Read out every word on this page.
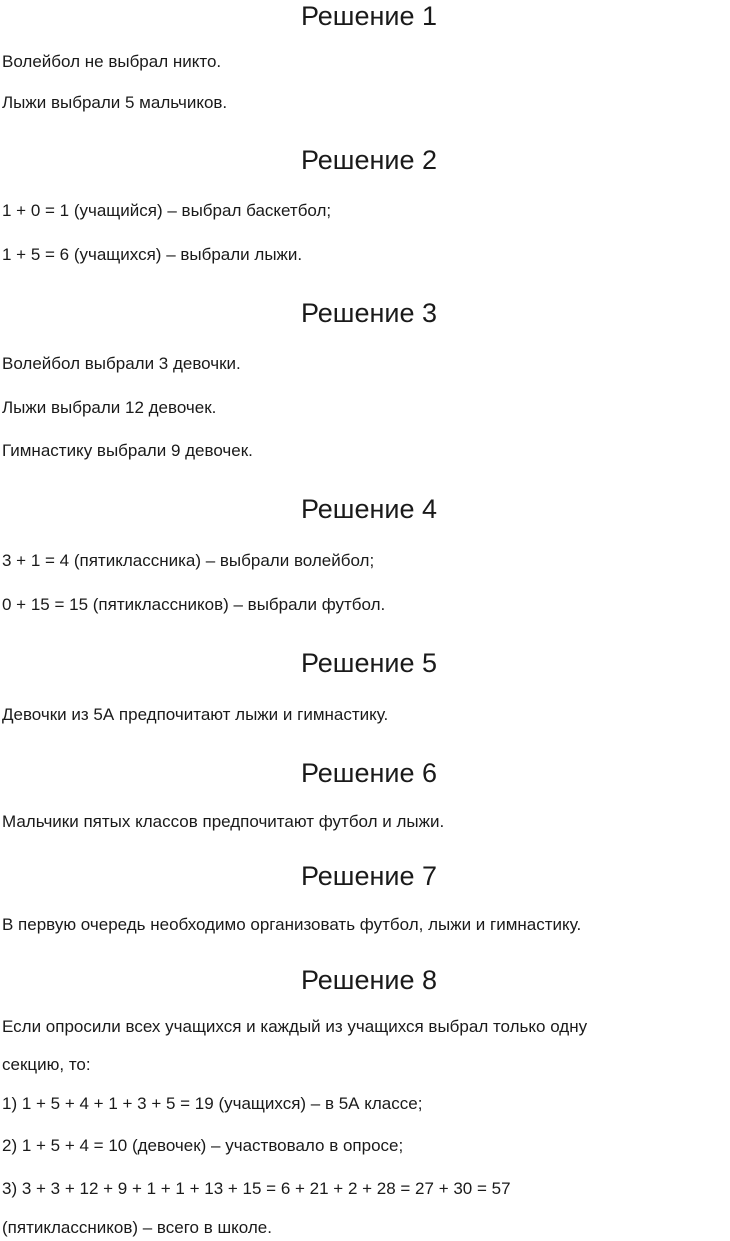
Решение 1

Волейбол не выбрал никто.

Лыжи выбрали 5 мальчиков.

Решение 2

1 + 0 = 1 (учащийся) – выбрал баскетбол;

1 + 5 = 6 (учащихся) – выбрали лыжи.

Решение 3

Волейбол выбрали 3 девочки.

Лыжи выбрали 12 девочек.

Гимнастику выбрали 9 девочек.

Решение 4

3 + 1 = 4 (пятиклассника) – выбрали волейбол;

0 + 15 = 15 (пятиклассников) – выбрали футбол.

Решение 5

Девочки из 5А предпочитают лыжи и гимнастику.

Решение 6

Мальчики пятых классов предпочитают футбол и лыжи.

Решение 7

В первую очередь необходимо организовать футбол, лыжи и гимнастику.

Решение 8

Если опросили всех учащихся и каждый из учащихся выбрал только одну

секцию, то:

1) 1 + 5 + 4 + 1 + 3 + 5 = 19 (учащихся) – в 5А классе;

2) 1 + 5 + 4 = 10 (девочек) – участвовало в опросе;

3) 3 + 3 + 12 + 9 + 1 + 1 + 13 + 15 = 6 + 21 + 2 + 28 = 27 + 30 = 57

(пятиклассников) – всего в школе.
